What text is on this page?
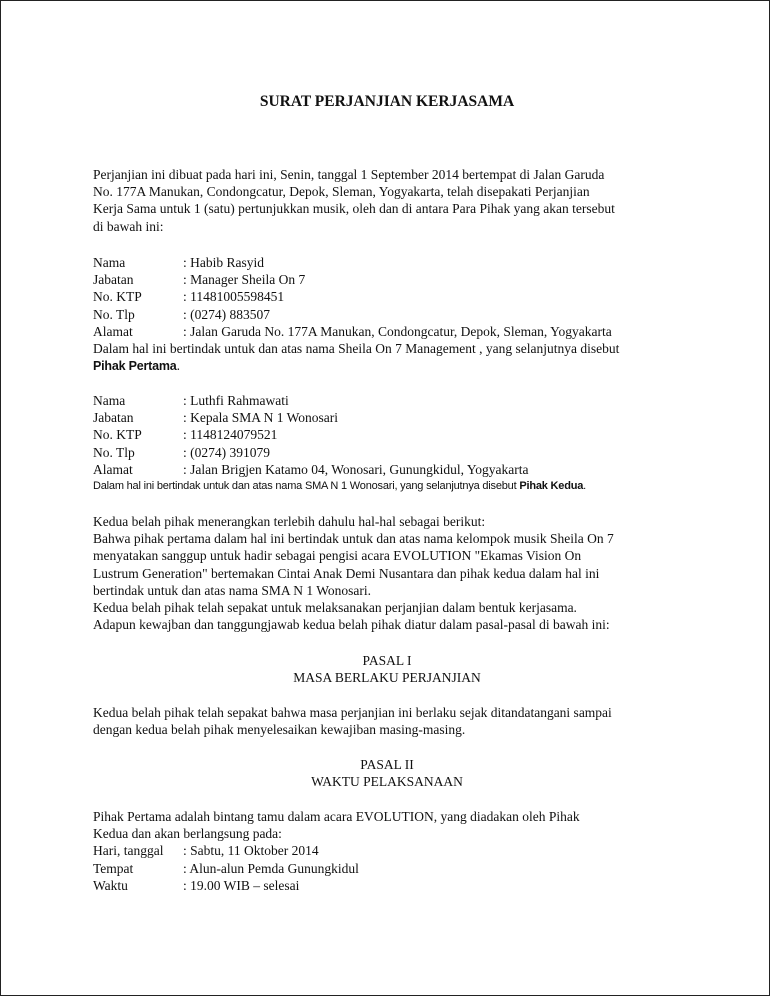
SURAT PERJANJIAN KERJASAMA
Perjanjian ini dibuat pada hari ini, Senin, tanggal 1 September 2014 bertempat di Jalan Garuda
No. 177A Manukan, Condongcatur, Depok, Sleman, Yogyakarta, telah disepakati Perjanjian
Kerja Sama untuk 1 (satu) pertunjukkan musik, oleh dan di antara Para Pihak yang akan tersebut
di bawah ini:
Nama	: Habib Rasyid
Jabatan	: Manager Sheila On 7
No. KTP	: 11481005598451
No. Tlp	: (0274) 883507
Alamat	: Jalan Garuda No. 177A Manukan, Condongcatur, Depok, Sleman, Yogyakarta
Dalam hal ini bertindak untuk dan atas nama Sheila On 7 Management , yang selanjutnya disebut
Pihak Pertama.
Nama	: Luthfi Rahmawati
Jabatan	: Kepala SMA N 1 Wonosari
No. KTP	: 1148124079521
No. Tlp	: (0274) 391079
Alamat	: Jalan Brigjen Katamo 04, Wonosari, Gunungkidul, Yogyakarta
Dalam hal ini bertindak untuk dan atas nama SMA N 1 Wonosari, yang selanjutnya disebut Pihak Kedua.
Kedua belah pihak menerangkan terlebih dahulu hal-hal sebagai berikut:
Bahwa pihak pertama dalam hal ini bertindak untuk dan atas nama kelompok musik Sheila On 7
menyatakan sanggup untuk hadir sebagai pengisi acara EVOLUTION "Ekamas Vision On
Lustrum Generation" bertemakan Cintai Anak Demi Nusantara dan pihak kedua dalam hal ini
bertindak untuk dan atas nama SMA N 1 Wonosari.
Kedua belah pihak telah sepakat untuk melaksanakan perjanjian dalam bentuk kerjasama.
Adapun kewajban dan tanggungjawab kedua belah pihak diatur dalam pasal-pasal di bawah ini:
PASAL I
MASA BERLAKU PERJANJIAN
Kedua belah pihak telah sepakat bahwa masa perjanjian ini berlaku sejak ditandatangani sampai
dengan kedua belah pihak menyelesaikan kewajiban masing-masing.
PASAL II
WAKTU PELAKSANAAN
Pihak Pertama adalah bintang tamu dalam acara EVOLUTION, yang diadakan oleh Pihak
Kedua dan akan berlangsung pada:
Hari, tanggal	: Sabtu, 11 Oktober 2014
Tempat	: Alun-alun Pemda Gunungkidul
Waktu	: 19.00 WIB – selesai
